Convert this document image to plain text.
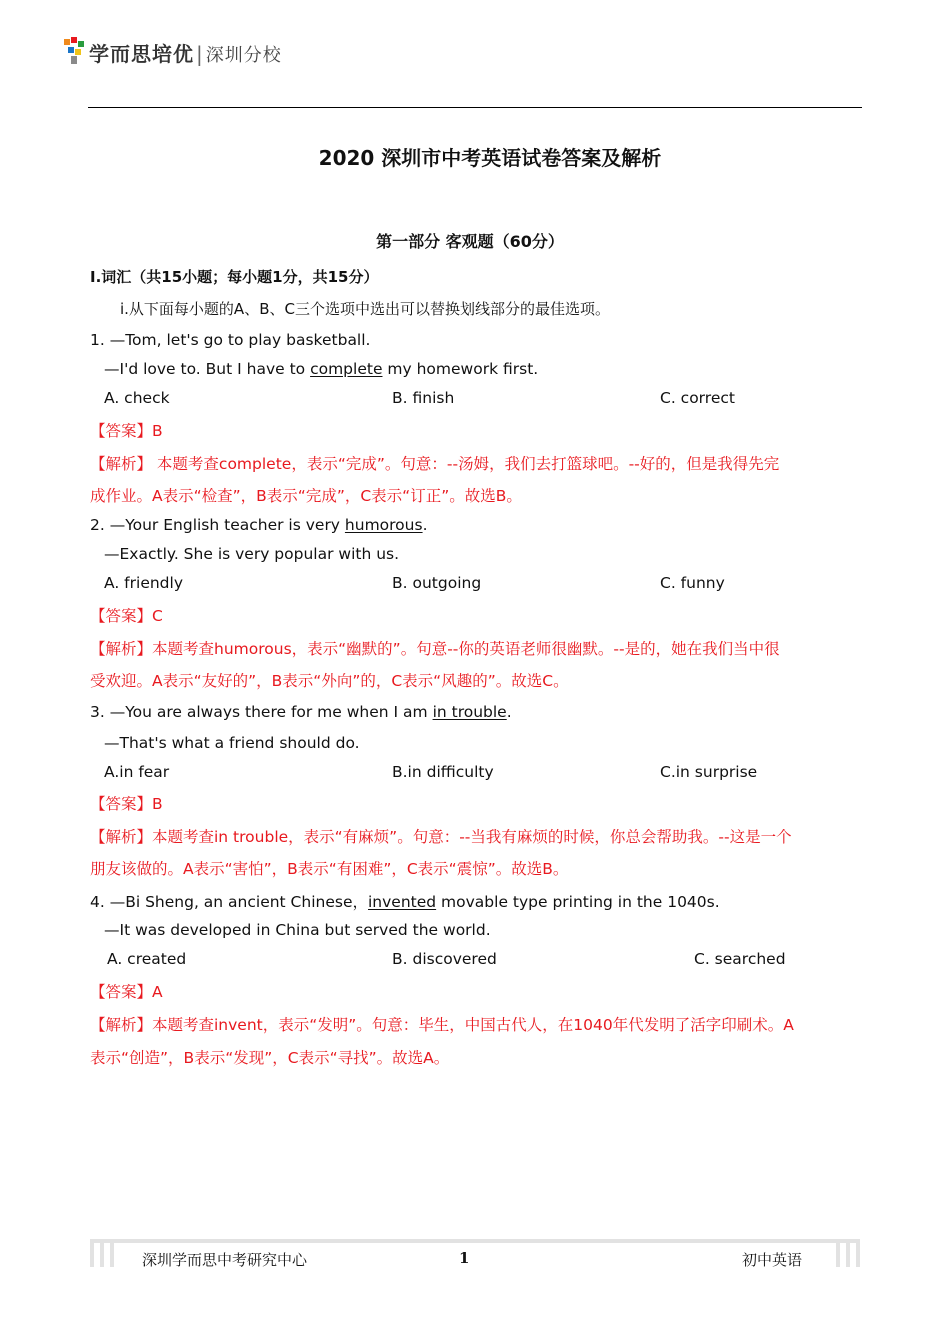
学而思培优 | 深圳分校
2020 深圳市中考英语试卷答案及解析
第一部分 客观题（60分）
I.词汇（共15小题；每小题1分，共15分）
i.从下面每小题的A、B、C三个选项中选出可以替换划线部分的最佳选项。
1. —Tom, let's go to play basketball.
—I'd love to. But I have to complete my homework first.
A. check	B. finish	C. correct
【答案】B
【解析】 本题考查complete，表示“完成”。句意：--汤姆，我们去打篮球吧。--好的，但是我得先完
成作业。A表示“检查”，B表示“完成”，C表示“订正”。故选B。
2. —Your English teacher is very humorous.
—Exactly. She is very popular with us.
A. friendly	B. outgoing	C. funny
【答案】C
【解析】本题考查humorous，表示“幽默的”。句意--你的英语老师很幽默。--是的，她在我们当中很
受欢迎。A表示“友好的”，B表示“外向”的，C表示“风趣的”。故选C。
3. —You are always there for me when I am in trouble.
—That's what a friend should do.
A.in fear	B.in difficulty	C.in surprise
【答案】B
【解析】本题考查in trouble，表示“有麻烦”。句意：--当我有麻烦的时候，你总会帮助我。--这是一个
朋友该做的。A表示“害怕”，B表示“有困难”，C表示“震惊”。故选B。
4. —Bi Sheng, an ancient Chinese，invented movable type printing in the 1040s.
—It was developed in China but served the world.
A. created	B. discovered	C. searched
【答案】A
【解析】本题考查invent，表示“发明”。句意：毕生，中国古代人，在1040年代发明了活字印刷术。A
表示“创造”，B表示“发现”，C表示“寻找”。故选A。
深圳学而思中考研究中心	1	初中英语
